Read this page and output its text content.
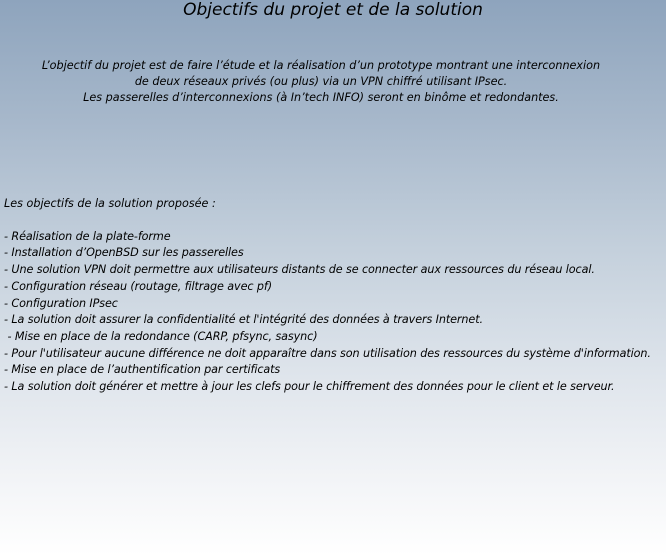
Objectifs du projet et de la solution
L’objectif du projet est de faire l’étude et la réalisation d’un prototype montrant une interconnexion
de deux réseaux privés (ou plus) via un VPN chiffré utilisant IPsec.
Les passerelles d’interconnexions (à In’tech INFO) seront en binôme et redondantes.
Les objectifs de la solution proposée :
- Réalisation de la plate-forme
- Installation d’OpenBSD sur les passerelles
- Une solution VPN doit permettre aux utilisateurs distants de se connecter aux ressources du réseau local.
- Configuration réseau (routage, filtrage avec pf)
- Configuration IPsec
- La solution doit assurer la confidentialité et l'intégrité des données à travers Internet.
- Mise en place de la redondance (CARP, pfsync, sasync)
- Pour l'utilisateur aucune différence ne doit apparaître dans son utilisation des ressources du système d'information.
- Mise en place de l’authentification par certificats
- La solution doit générer et mettre à jour les clefs pour le chiffrement des données pour le client et le serveur.
